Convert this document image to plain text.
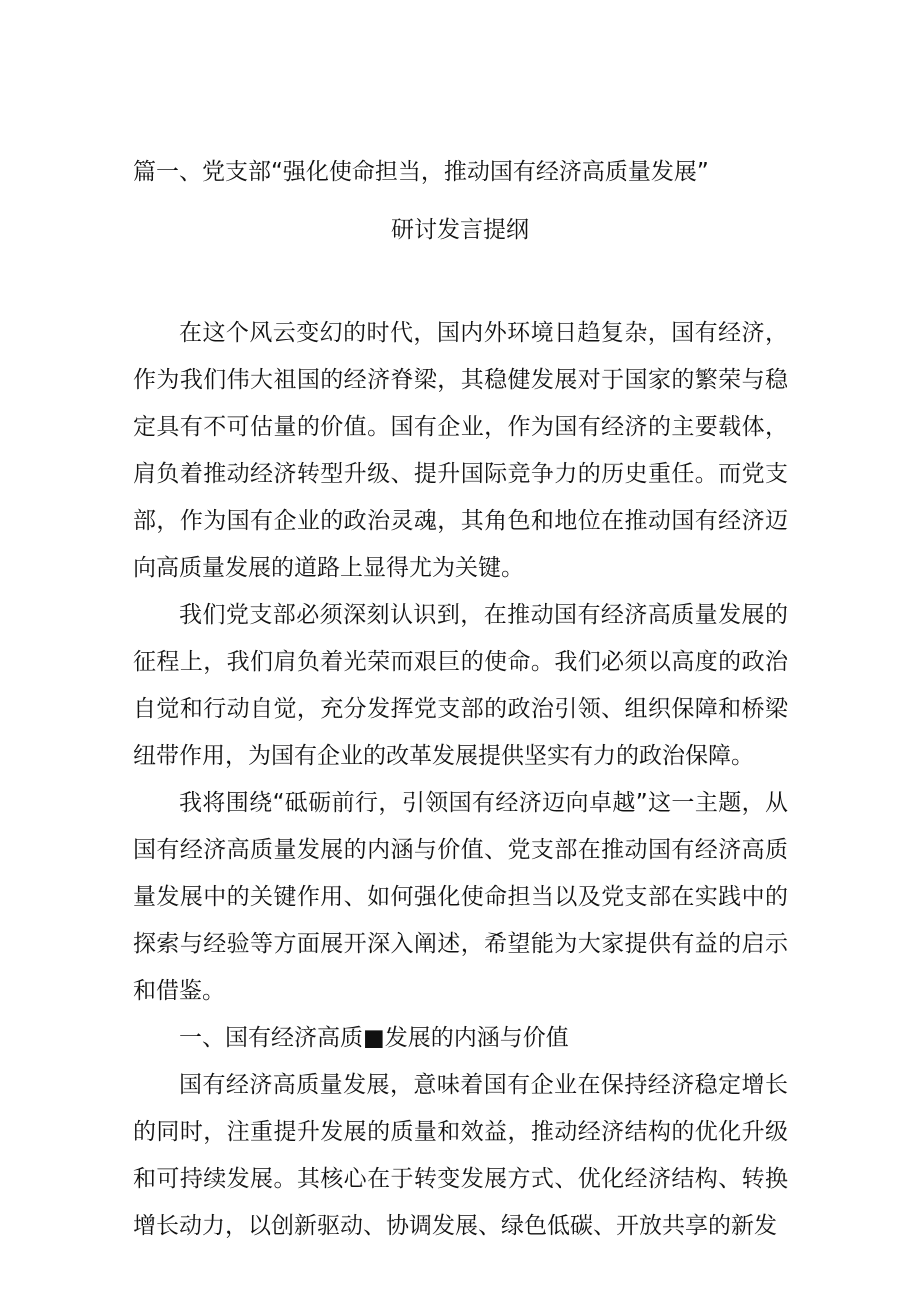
篇一、党支部“强化使命担当，推动国有经济高质量发展”
研讨发言提纲

在这个风云变幻的时代，国内外环境日趋复杂，国有经济，作为我们伟大祖国的经济脊梁，其稳健发展对于国家的繁荣与稳定具有不可估量的价值。国有企业，作为国有经济的主要载体，肩负着推动经济转型升级、提升国际竞争力的历史重任。而党支部，作为国有企业的政治灵魂，其角色和地位在推动国有经济迈向高质量发展的道路上显得尤为关键。

我们党支部必须深刻认识到，在推动国有经济高质量发展的征程上，我们肩负着光荣而艰巨的使命。我们必须以高度的政治自觉和行动自觉，充分发挥党支部的政治引领、组织保障和桥梁纽带作用，为国有企业的改革发展提供坚实有力的政治保障。

我将围绕“砥砺前行，引领国有经济迈向卓越”这一主题，从国有经济高质量发展的内涵与价值、党支部在推动国有经济高质量发展中的关键作用、如何强化使命担当以及党支部在实践中的探索与经验等方面展开深入阐述，希望能为大家提供有益的启示和借鉴。

一、国有经济高质■发展的内涵与价值

国有经济高质量发展，意味着国有企业在保持经济稳定增长的同时，注重提升发展的质量和效益，推动经济结构的优化升级和可持续发展。其核心在于转变发展方式、优化经济结构、转换增长动力，以创新驱动、协调发展、绿色低碳、开放共享的新发
